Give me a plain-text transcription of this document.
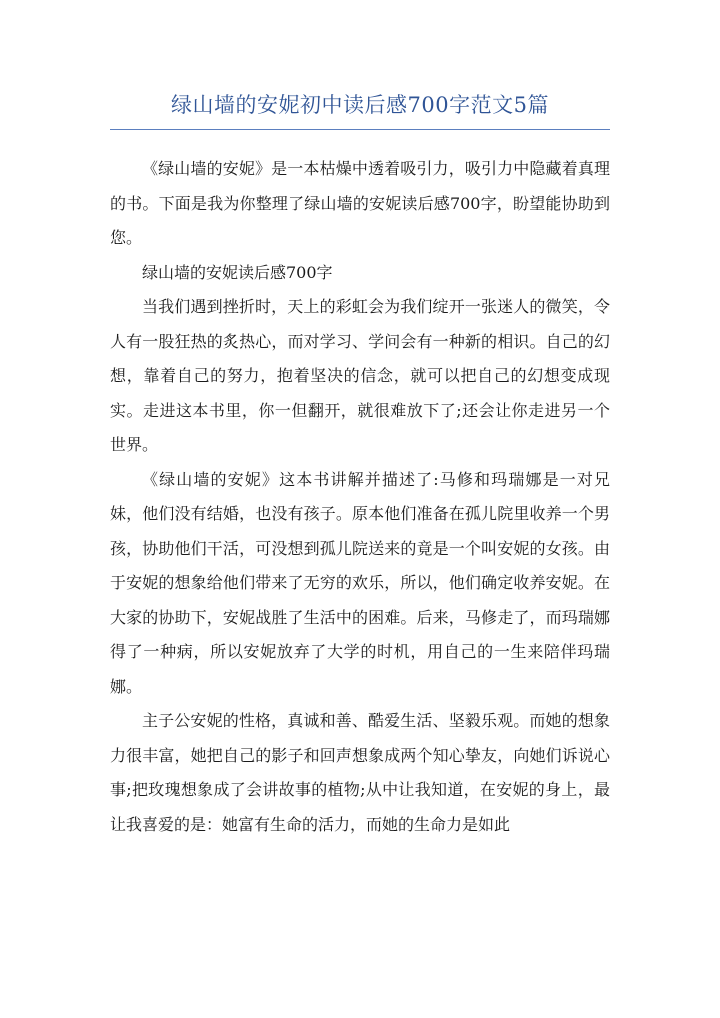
绿山墙的安妮初中读后感700字范文5篇

《绿山墙的安妮》是一本枯燥中透着吸引力，吸引力中隐藏着真理的书。下面是我为你整理了绿山墙的安妮读后感700字，盼望能协助到您。

绿山墙的安妮读后感700字

当我们遇到挫折时，天上的彩虹会为我们绽开一张迷人的微笑，令人有一股狂热的炙热心，而对学习、学问会有一种新的相识。自己的幻想，靠着自己的努力，抱着坚决的信念，就可以把自己的幻想变成现实。走进这本书里，你一但翻开，就很难放下了;还会让你走进另一个世界。

《绿山墙的安妮》这本书讲解并描述了:马修和玛瑞娜是一对兄妹，他们没有结婚，也没有孩子。原本他们准备在孤儿院里收养一个男孩，协助他们干活，可没想到孤儿院送来的竟是一个叫安妮的女孩。由于安妮的想象给他们带来了无穷的欢乐，所以，他们确定收养安妮。在大家的协助下，安妮战胜了生活中的困难。后来，马修走了，而玛瑞娜得了一种病，所以安妮放弃了大学的时机，用自己的一生来陪伴玛瑞娜。

主子公安妮的性格，真诚和善、酷爱生活、坚毅乐观。而她的想象力很丰富，她把自己的影子和回声想象成两个知心挚友，向她们诉说心事;把玫瑰想象成了会讲故事的植物;从中让我知道，在安妮的身上，最让我喜爱的是：她富有生命的活力，而她的生命力是如此
